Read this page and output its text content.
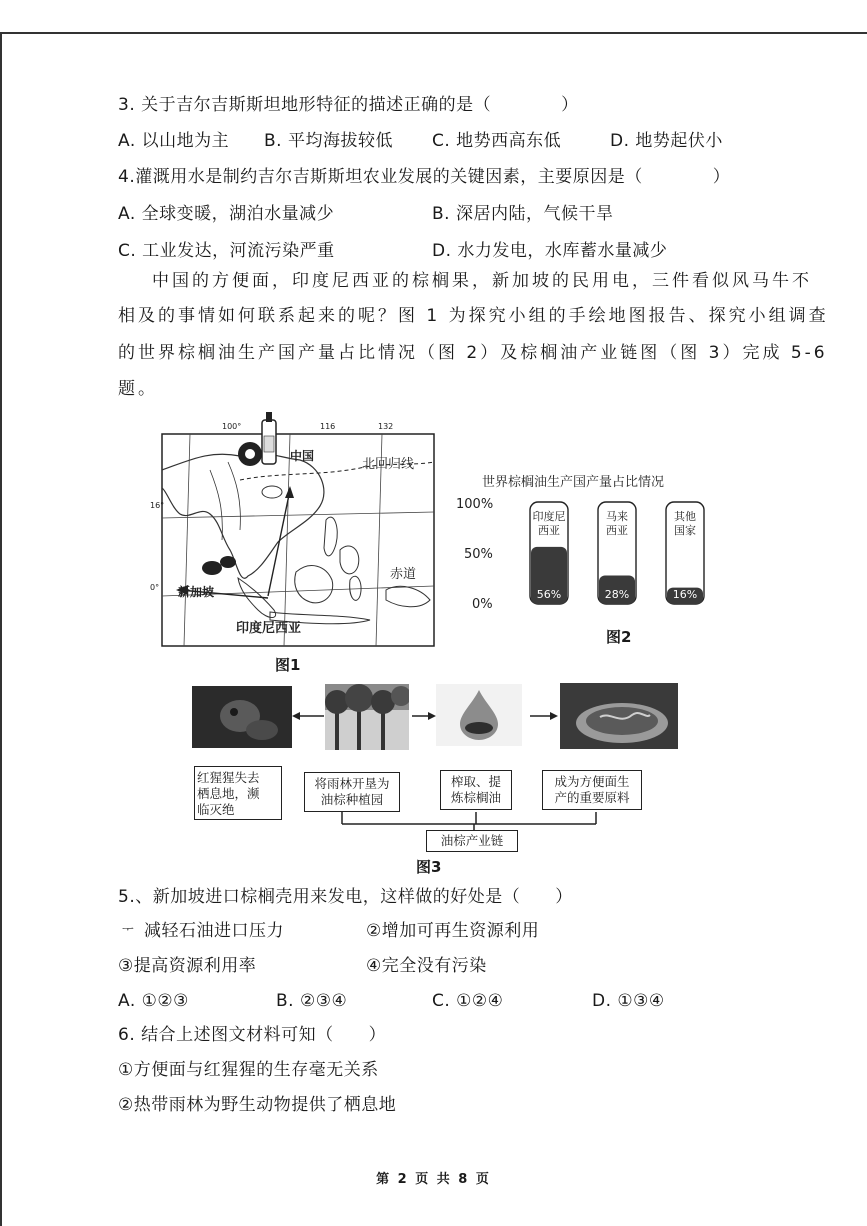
3. 关于吉尔吉斯斯坦地形特征的描述正确的是（　　　　）
A. 以山地为主 B. 平均海拔较低 C. 地势西高东低	D. 地势起伏小
4.灌溉用水是制约吉尔吉斯斯坦农业发展的关键因素，主要原因是（　　　　）
A. 全球变暖，湖泊水量减少	B. 深居内陆，气候干旱
C. 工业发达，河流污染严重	D. 水力发电，水库蓄水量减少
中国的方便面，印度尼西亚的棕榈果，新加坡的民用电，三件看似风马牛不
相及的事情如何联系起来的呢？图 1 为探究小组的手绘地图报告、探究小组调查
的世界棕榈油生产国产量占比情况（图 2）及棕榈油产业链图（图 3）完成 5-6
题。
100°	116	132
16°
0°
中国
北回归线
赤道
新加坡
印度尼西亚
图1
世界棕榈油生产国产量占比情况
100%
50%
0%
印度尼
西亚
56%
马来
西亚
28%
其他
国家
16%
图2
红猩猩失去
栖息地，濒
临灭绝
将雨林开垦为
油棕种植园
榨取、提
炼棕榈油
成为方便面生
产的重要原料
油棕产业链
图3
5.、新加坡进口棕榈壳用来发电，这样做的好处是（　　）
ᅮ 减轻石油进口压力	②增加可再生资源利用
③提高资源利用率	④完全没有污染
A. ①②③	B. ②③④	C. ①②④	D. ①③④
6. 结合上述图文材料可知（　　）
①方便面与红猩猩的生存毫无关系
②热带雨林为野生动物提供了栖息地
第 2 页 共 8 页
